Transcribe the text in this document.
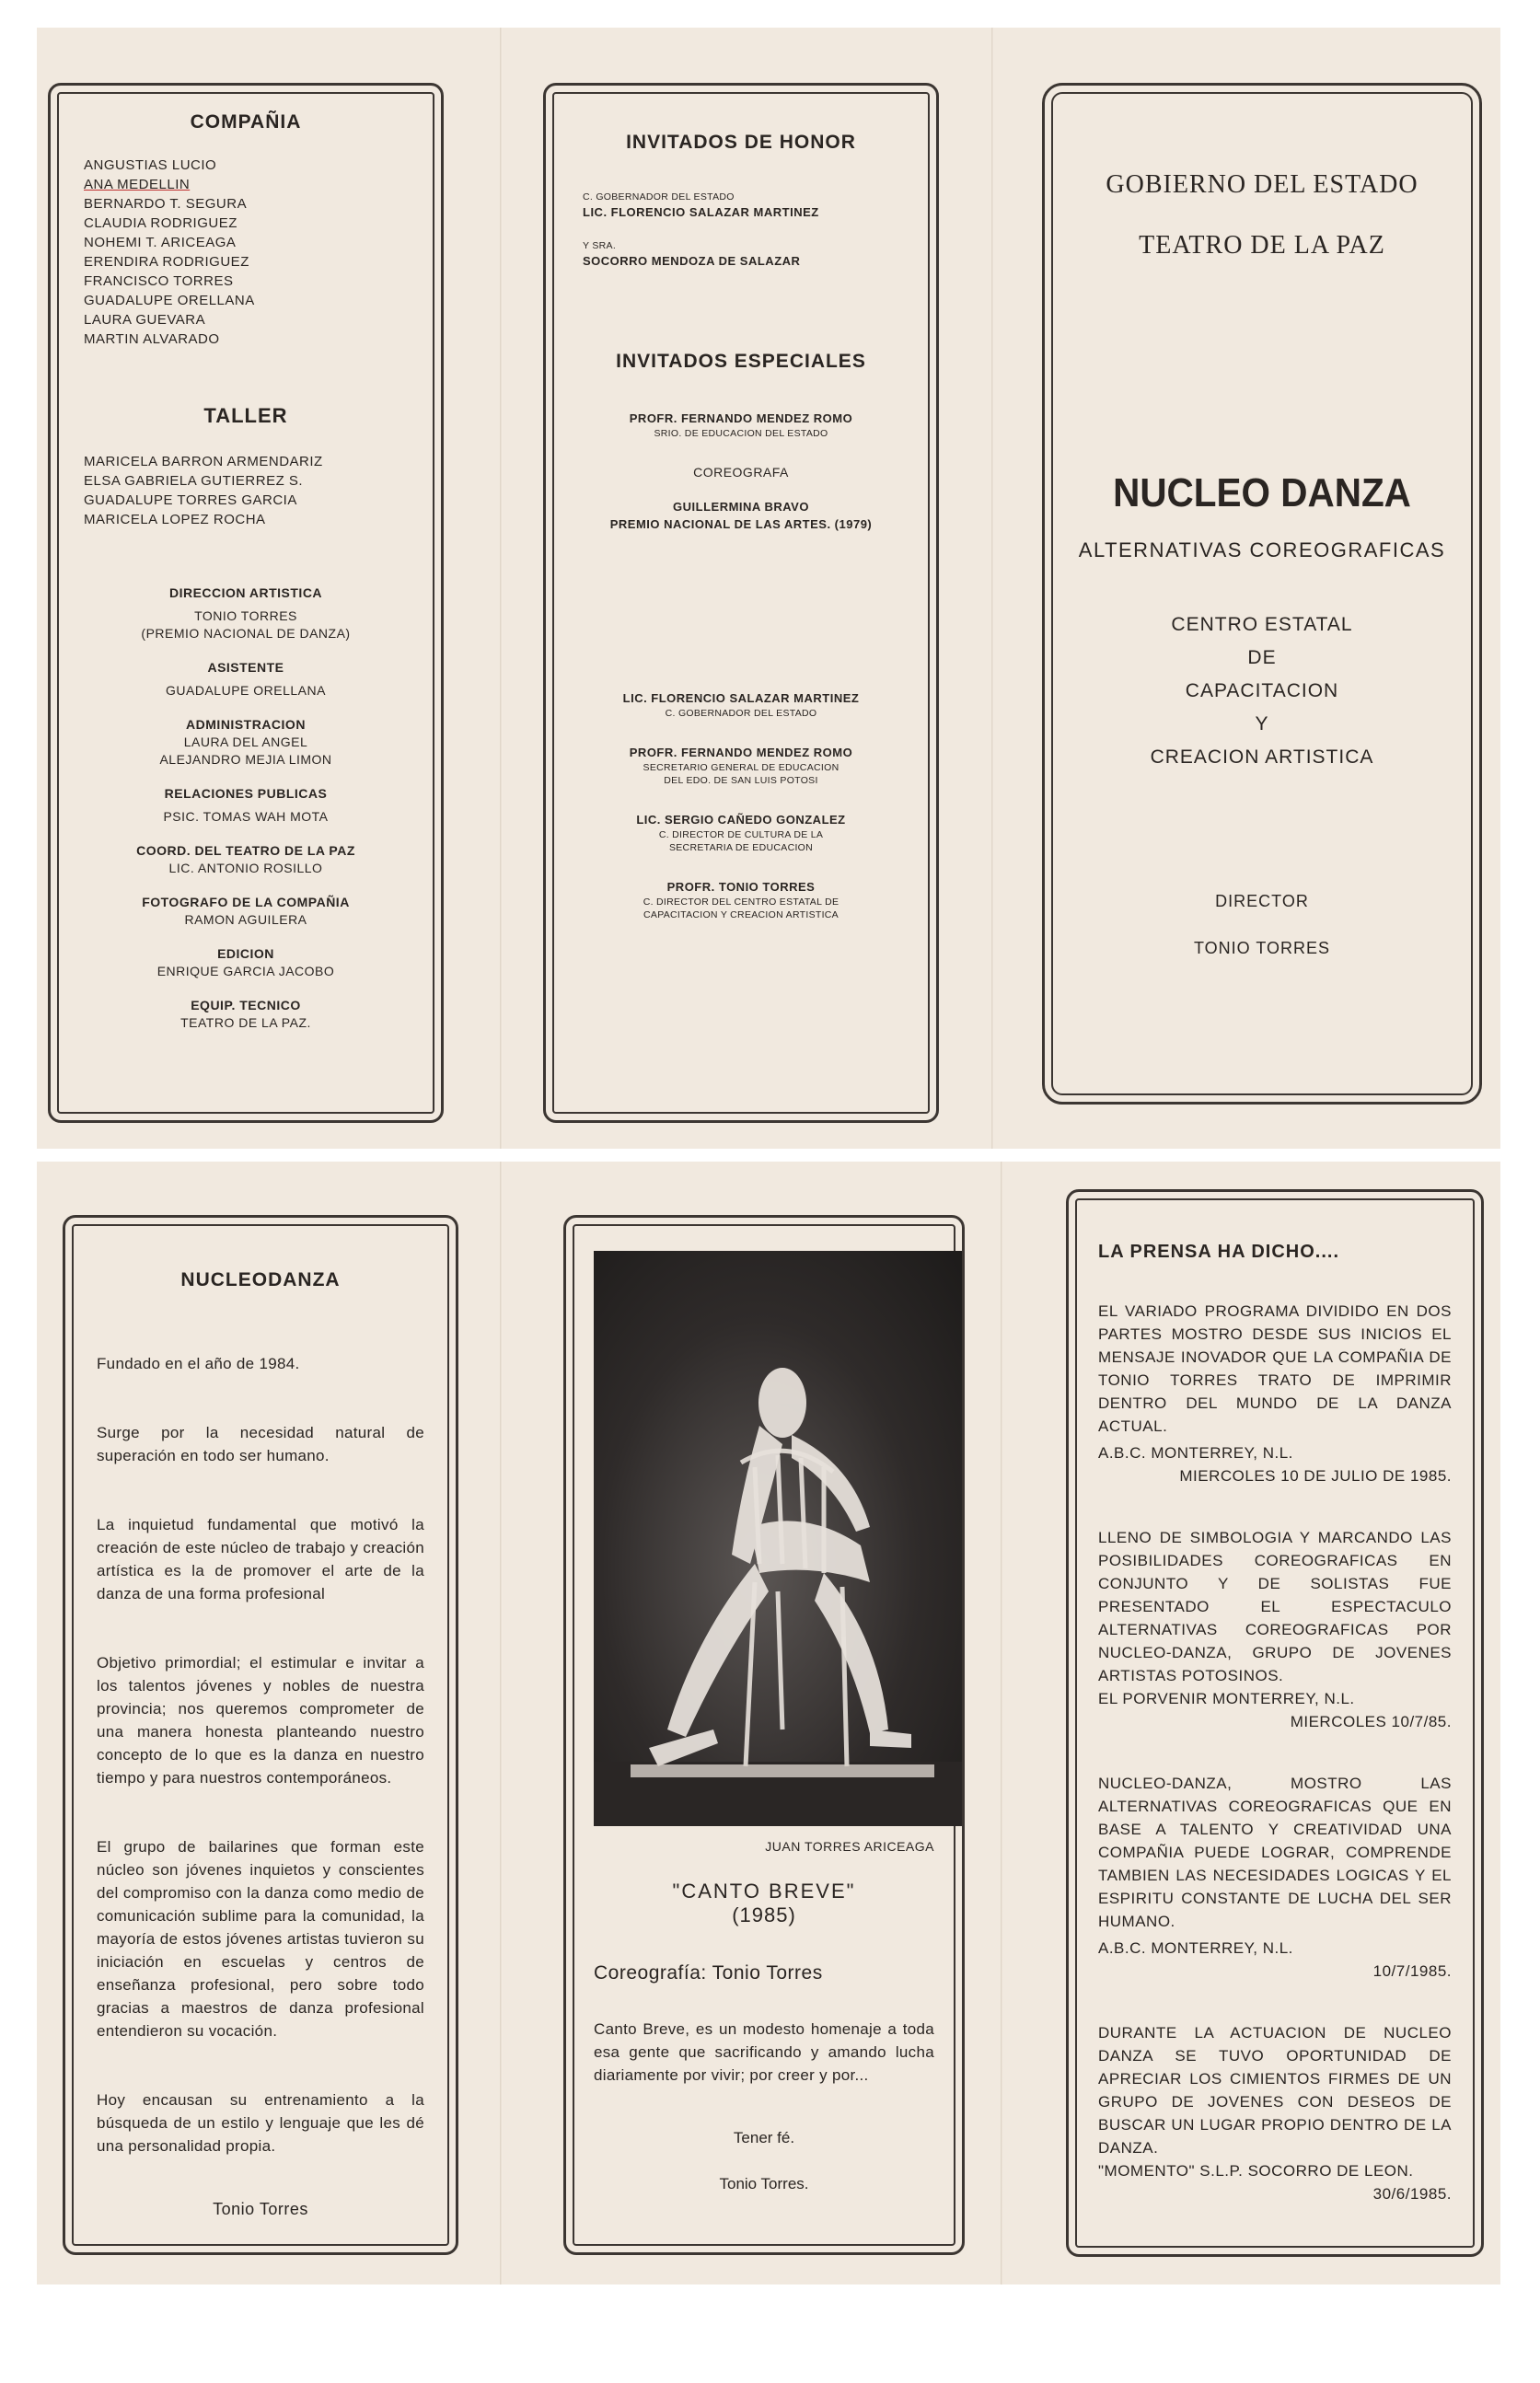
COMPAÑIA
ANGUSTIAS LUCIO
ANA MEDELLIN
BERNARDO T. SEGURA
CLAUDIA RODRIGUEZ
NOHEMI T. ARICEAGA
ERENDIRA RODRIGUEZ
FRANCISCO TORRES
GUADALUPE ORELLANA
LAURA GUEVARA
MARTIN ALVARADO
TALLER
MARICELA BARRON ARMENDARIZ
ELSA GABRIELA GUTIERREZ S.
GUADALUPE TORRES GARCIA
MARICELA LOPEZ ROCHA
DIRECCION ARTISTICA
TONIO TORRES
(PREMIO NACIONAL DE DANZA)
ASISTENTE
GUADALUPE ORELLANA
ADMINISTRACION
LAURA DEL ANGEL
ALEJANDRO MEJIA LIMON
RELACIONES PUBLICAS
PSIC. TOMAS WAH MOTA
COORD. DEL TEATRO DE LA PAZ
LIC. ANTONIO ROSILLO
FOTOGRAFO DE LA COMPAÑIA
RAMON AGUILERA
EDICION
ENRIQUE GARCIA JACOBO
EQUIP. TECNICO
TEATRO DE LA PAZ.
INVITADOS DE HONOR
C. GOBERNADOR DEL ESTADO
LIC. FLORENCIO SALAZAR MARTINEZ
Y SRA.
SOCORRO MENDOZA DE SALAZAR
INVITADOS ESPECIALES
PROFR. FERNANDO MENDEZ ROMO
SRIO. DE EDUCACION DEL ESTADO
COREOGRAFA
GUILLERMINA BRAVO
PREMIO NACIONAL DE LAS ARTES. (1979)
LIC. FLORENCIO SALAZAR MARTINEZ
C. GOBERNADOR DEL ESTADO
PROFR. FERNANDO MENDEZ ROMO
SECRETARIO GENERAL DE EDUCACION
DEL EDO. DE SAN LUIS POTOSI
LIC. SERGIO CAÑEDO GONZALEZ
C. DIRECTOR DE CULTURA DE LA
SECRETARIA DE EDUCACION
PROFR. TONIO TORRES
C. DIRECTOR DEL CENTRO ESTATAL DE
CAPACITACION Y CREACION ARTISTICA
GOBIERNO DEL ESTADO
TEATRO DE LA PAZ
NUCLEO DANZA
ALTERNATIVAS COREOGRAFICAS
CENTRO ESTATAL
DE
CAPACITACION
Y
CREACION ARTISTICA
DIRECTOR
TONIO TORRES
NUCLEODANZA
Fundado en el año de 1984.
Surge por la necesidad natural de superación en todo ser humano.
La inquietud fundamental que motivó la creación de este núcleo de trabajo y creación artística es la de promover el arte de la danza de una forma profesional
Objetivo primordial; el estimular e invitar a los talentos jóvenes y nobles de nuestra provincia; nos queremos comprometer de una manera honesta planteando nuestro concepto de lo que es la danza en nuestro tiempo y para nuestros contemporáneos.
El grupo de bailarines que forman este núcleo son jóvenes inquietos y conscientes del compromiso con la danza como medio de comunicación sublime para la comunidad, la mayoría de estos jóvenes artistas tuvieron su iniciación en escuelas y centros de enseñanza profesional, pero sobre todo gracias a maestros de danza profesional entendieron su vocación.
Hoy encausan su entrenamiento a la búsqueda de un estilo y lenguaje que les dé una personalidad propia.
Tonio Torres
JUAN TORRES ARICEAGA
"CANTO BREVE"
(1985)
Coreografía: Tonio Torres
Canto Breve, es un modesto homenaje a toda esa gente que sacrificando y amando lucha diariamente por vivir; por creer y por...
Tener fé.
Tonio Torres.
LA PRENSA HA DICHO....
EL VARIADO PROGRAMA DIVIDIDO EN DOS PARTES MOSTRO DESDE SUS INICIOS EL MENSAJE INOVADOR QUE LA COMPAÑIA DE TONIO TORRES TRATO DE IMPRIMIR DENTRO DEL MUNDO DE LA DANZA ACTUAL.
A.B.C. MONTERREY, N.L.
MIERCOLES 10 DE JULIO DE 1985.
LLENO DE SIMBOLOGIA Y MARCANDO LAS POSIBILIDADES COREOGRAFICAS EN CONJUNTO Y DE SOLISTAS FUE PRESENTADO EL ESPECTACULO ALTERNATIVAS COREOGRAFICAS POR NUCLEO-DANZA, GRUPO DE JOVENES ARTISTAS POTOSINOS.
EL PORVENIR MONTERREY, N.L.
MIERCOLES 10/7/85.
NUCLEO-DANZA, MOSTRO LAS ALTERNATIVAS COREOGRAFICAS QUE EN BASE A TALENTO Y CREATIVIDAD UNA COMPAÑIA PUEDE LOGRAR, COMPRENDE TAMBIEN LAS NECESIDADES LOGICAS Y EL ESPIRITU CONSTANTE DE LUCHA DEL SER HUMANO.
A.B.C. MONTERREY, N.L.
10/7/1985.
DURANTE LA ACTUACION DE NUCLEO DANZA SE TUVO OPORTUNIDAD DE APRECIAR LOS CIMIENTOS FIRMES DE UN GRUPO DE JOVENES CON DESEOS DE BUSCAR UN LUGAR PROPIO DENTRO DE LA DANZA.
"MOMENTO" S.L.P. SOCORRO DE LEON.
30/6/1985.
